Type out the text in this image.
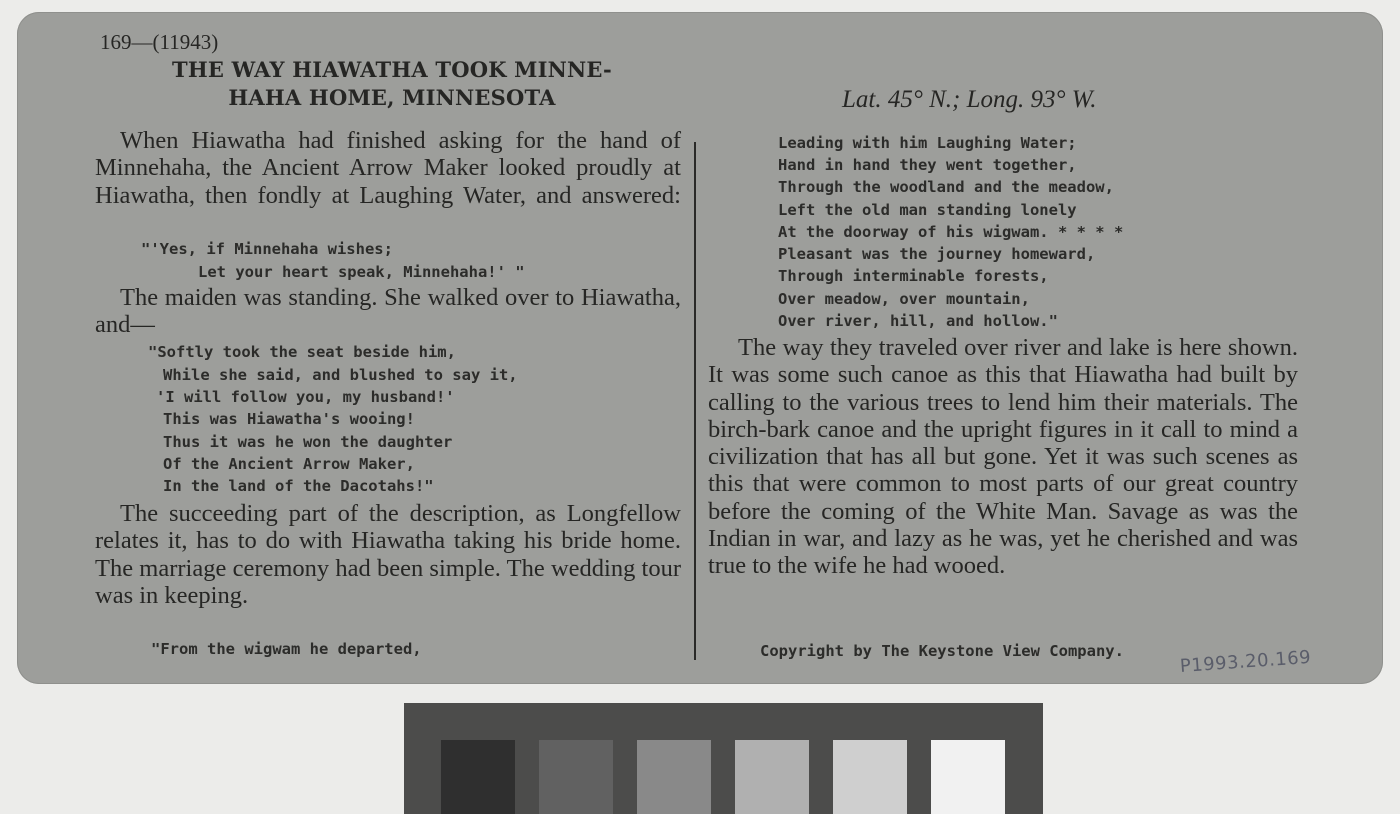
169—(11943)
THE WAY HIAWATHA TOOK MINNE-
HAHA HOME, MINNESOTA	Lat. 45° N.; Long. 93° W.

When Hiawatha had finished asking for the hand of Minnehaha, the Ancient Arrow Maker looked proudly at Hiawatha, then fondly at Laughing Water, and answered:

"'Yes, if Minnehaha wishes;
Let your heart speak, Minnehaha!' "

The maiden was standing. She walked over to Hiawatha, and—

"Softly took the seat beside him,
While she said, and blushed to say it,
'I will follow you, my husband!'
This was Hiawatha's wooing!
Thus it was he won the daughter
Of the Ancient Arrow Maker,
In the land of the Dacotahs!"

The succeeding part of the description, as Longfellow relates it, has to do with Hiawatha taking his bride home. The marriage ceremony had been simple. The wedding tour was in keeping.

"From the wigwam he departed,
Leading with him Laughing Water;
Hand in hand they went together,
Through the woodland and the meadow,
Left the old man standing lonely
At the doorway of his wigwam. * * * *
Pleasant was the journey homeward,
Through interminable forests,
Over meadow, over mountain,
Over river, hill, and hollow."

The way they traveled over river and lake is here shown. It was some such canoe as this that Hiawatha had built by calling to the various trees to lend him their materials. The birch-bark canoe and the upright figures in it call to mind a civilization that has all but gone. Yet it was such scenes as this that were common to most parts of our great country before the coming of the White Man. Savage as was the Indian in war, and lazy as he was, yet he cherished and was true to the wife he had wooed.

Copyright by The Keystone View Company.	P1993.20.169
